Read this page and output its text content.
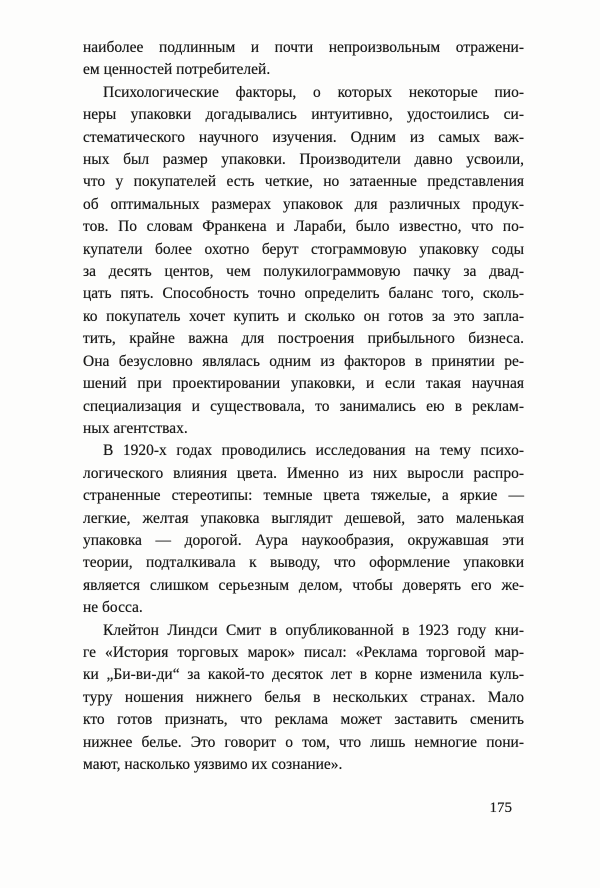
наиболее подлинным и почти непроизвольным отражени-
ем ценностей потребителей.
Психологические факторы, о которых некоторые пио-
неры упаковки догадывались интуитивно, удостоились си-
стематического научного изучения. Одним из самых важ-
ных был размер упаковки. Производители давно усвоили,
что у покупателей есть четкие, но затаенные представления
об оптимальных размерах упаковок для различных продук-
тов. По словам Франкена и Лараби, было известно, что по-
купатели более охотно берут стограммовую упаковку соды
за десять центов, чем полукилограммовую пачку за двад-
цать пять. Способность точно определить баланс того, сколь-
ко покупатель хочет купить и сколько он готов за это запла-
тить, крайне важна для построения прибыльного бизнеса.
Она безусловно являлась одним из факторов в принятии ре-
шений при проектировании упаковки, и если такая научная
специализация и существовала, то занимались ею в реклам-
ных агентствах.
В 1920-х годах проводились исследования на тему психо-
логического влияния цвета. Именно из них выросли распро-
страненные стереотипы: темные цвета тяжелые, а яркие —
легкие, желтая упаковка выглядит дешевой, зато маленькая
упаковка — дорогой. Аура наукообразия, окружавшая эти
теории, подталкивала к выводу, что оформление упаковки
является слишком серьезным делом, чтобы доверять его же-
не босса.
Клейтон Линдси Смит в опубликованной в 1923 году кни-
ге «История торговых марок» писал: «Реклама торговой мар-
ки „Би-ви-ди“ за какой-то десяток лет в корне изменила куль-
туру ношения нижнего белья в нескольких странах. Мало
кто готов признать, что реклама может заставить сменить
нижнее белье. Это говорит о том, что лишь немногие пони-
мают, насколько уязвимо их сознание».
175
